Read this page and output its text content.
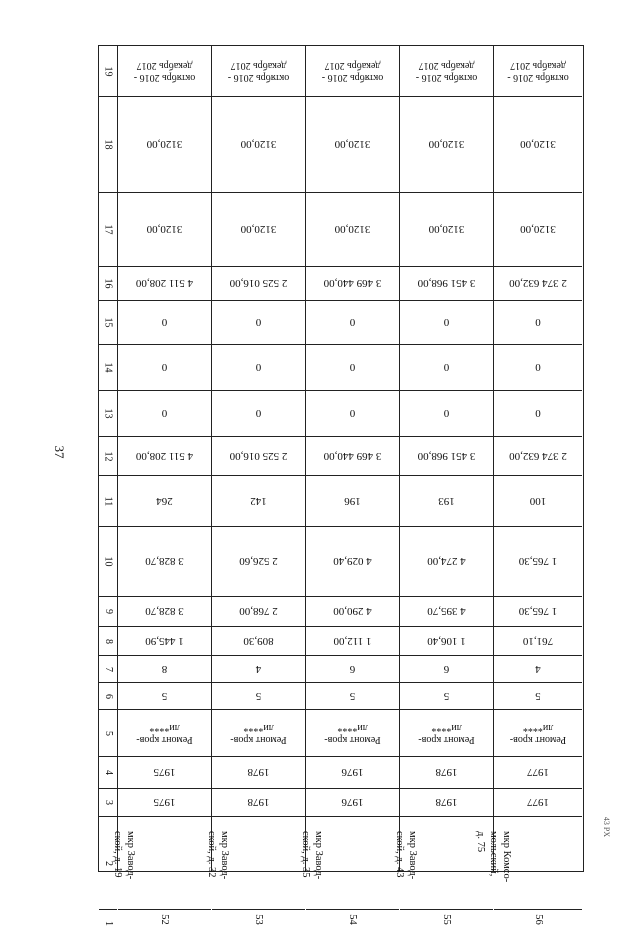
37
43 PX
19
18
17
16
15
14
13
12
11
10
9
8
7
6
5
4
3
2
1
октябрь 2016 -
декабрь 2017
3120,00
3120,00
4 511 208,00
0
0
0
4 511 208,00
264
3 828,70
3 828,70
1 445,90
8
5
Ремонт кров-
ли****
1975
1975
мкр Завод-
ской, д. 19
52
октябрь 2016 -
декабрь 2017
3120,00
3120,00
2 525 016,00
0
0
0
2 525 016,00
142
2 526,60
2 768,00
809,30
4
5
Ремонт кров-
ли****
1978
1978
мкр Завод-
ской, д. 32
53
октябрь 2016 -
декабрь 2017
3120,00
3120,00
3 469 440,00
0
0
0
3 469 440,00
196
4 029,40
4 290,00
1 112,00
6
5
Ремонт кров-
ли****
1976
1976
мкр Завод-
ской, д. 35
54
октябрь 2016 -
декабрь 2017
3120,00
3120,00
3 451 968,00
0
0
0
3 451 968,00
193
4 274,00
4 395,70
1 106,40
6
5
Ремонт кров-
ли****
1978
1978
мкр Завод-
ской, д. 43
55
октябрь 2016 -
декабрь 2017
3120,00
3120,00
2 374 632,00
0
0
0
2 374 632,00
100
1 765,30
1 765,30
761,10
4
5
Ремонт кров-
ли****
1977
1977
мкр Комсо-
мольский,
д. 75
56
